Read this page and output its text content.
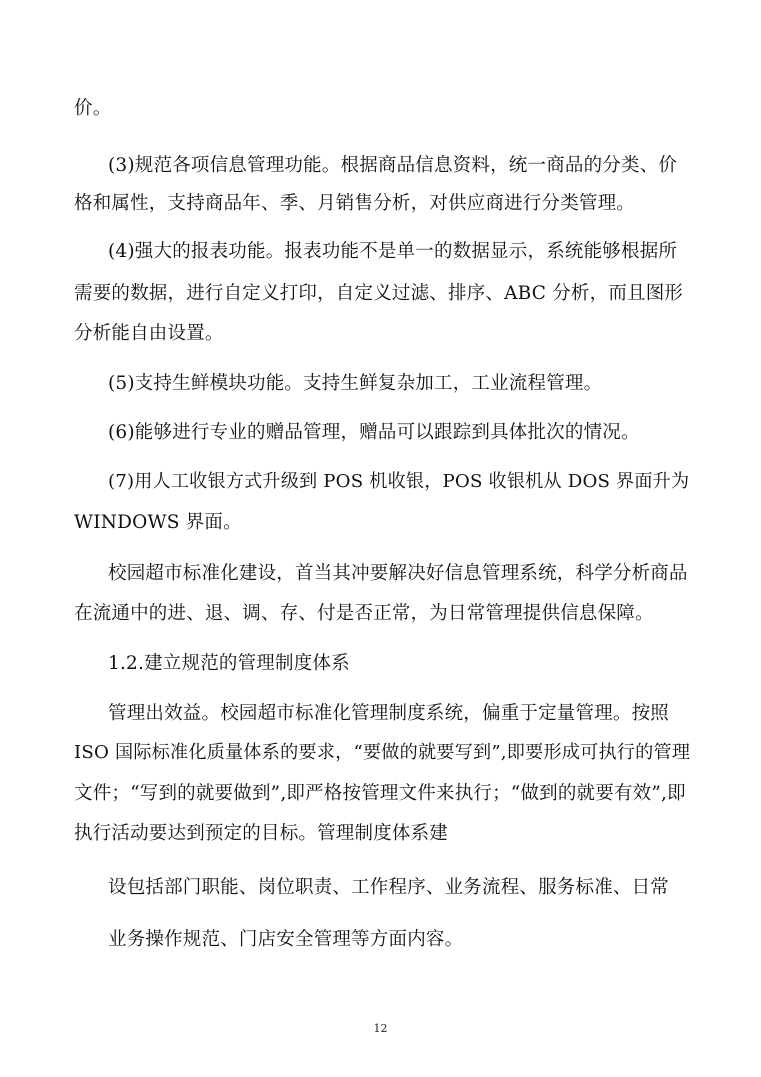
价。
(3)规范各项信息管理功能。根据商品信息资料，统一商品的分类、价
格和属性，支持商品年、季、月销售分析，对供应商进行分类管理。
(4)强大的报表功能。报表功能不是单一的数据显示，系统能够根据所
需要的数据，进行自定义打印，自定义过滤、排序、ABC 分析，而且图形
分析能自由设置。
(5)支持生鲜模块功能。支持生鲜复杂加工，工业流程管理。
(6)能够进行专业的赠品管理，赠品可以跟踪到具体批次的情况。
(7)用人工收银方式升级到 POS 机收银，POS 收银机从 DOS 界面升为
WINDOWS 界面。
校园超市标准化建设，首当其冲要解决好信息管理系统，科学分析商品
在流通中的进、退、调、存、付是否正常，为日常管理提供信息保障。
1.2.建立规范的管理制度体系
管理出效益。校园超市标准化管理制度系统，偏重于定量管理。按照
ISO 国际标准化质量体系的要求，“要做的就要写到”,即要形成可执行的管理
文件；“写到的就要做到”,即严格按管理文件来执行；“做到的就要有效”,即
执行活动要达到预定的目标。管理制度体系建
设包括部门职能、岗位职责、工作程序、业务流程、服务标准、日常
业务操作规范、门店安全管理等方面内容。
12
